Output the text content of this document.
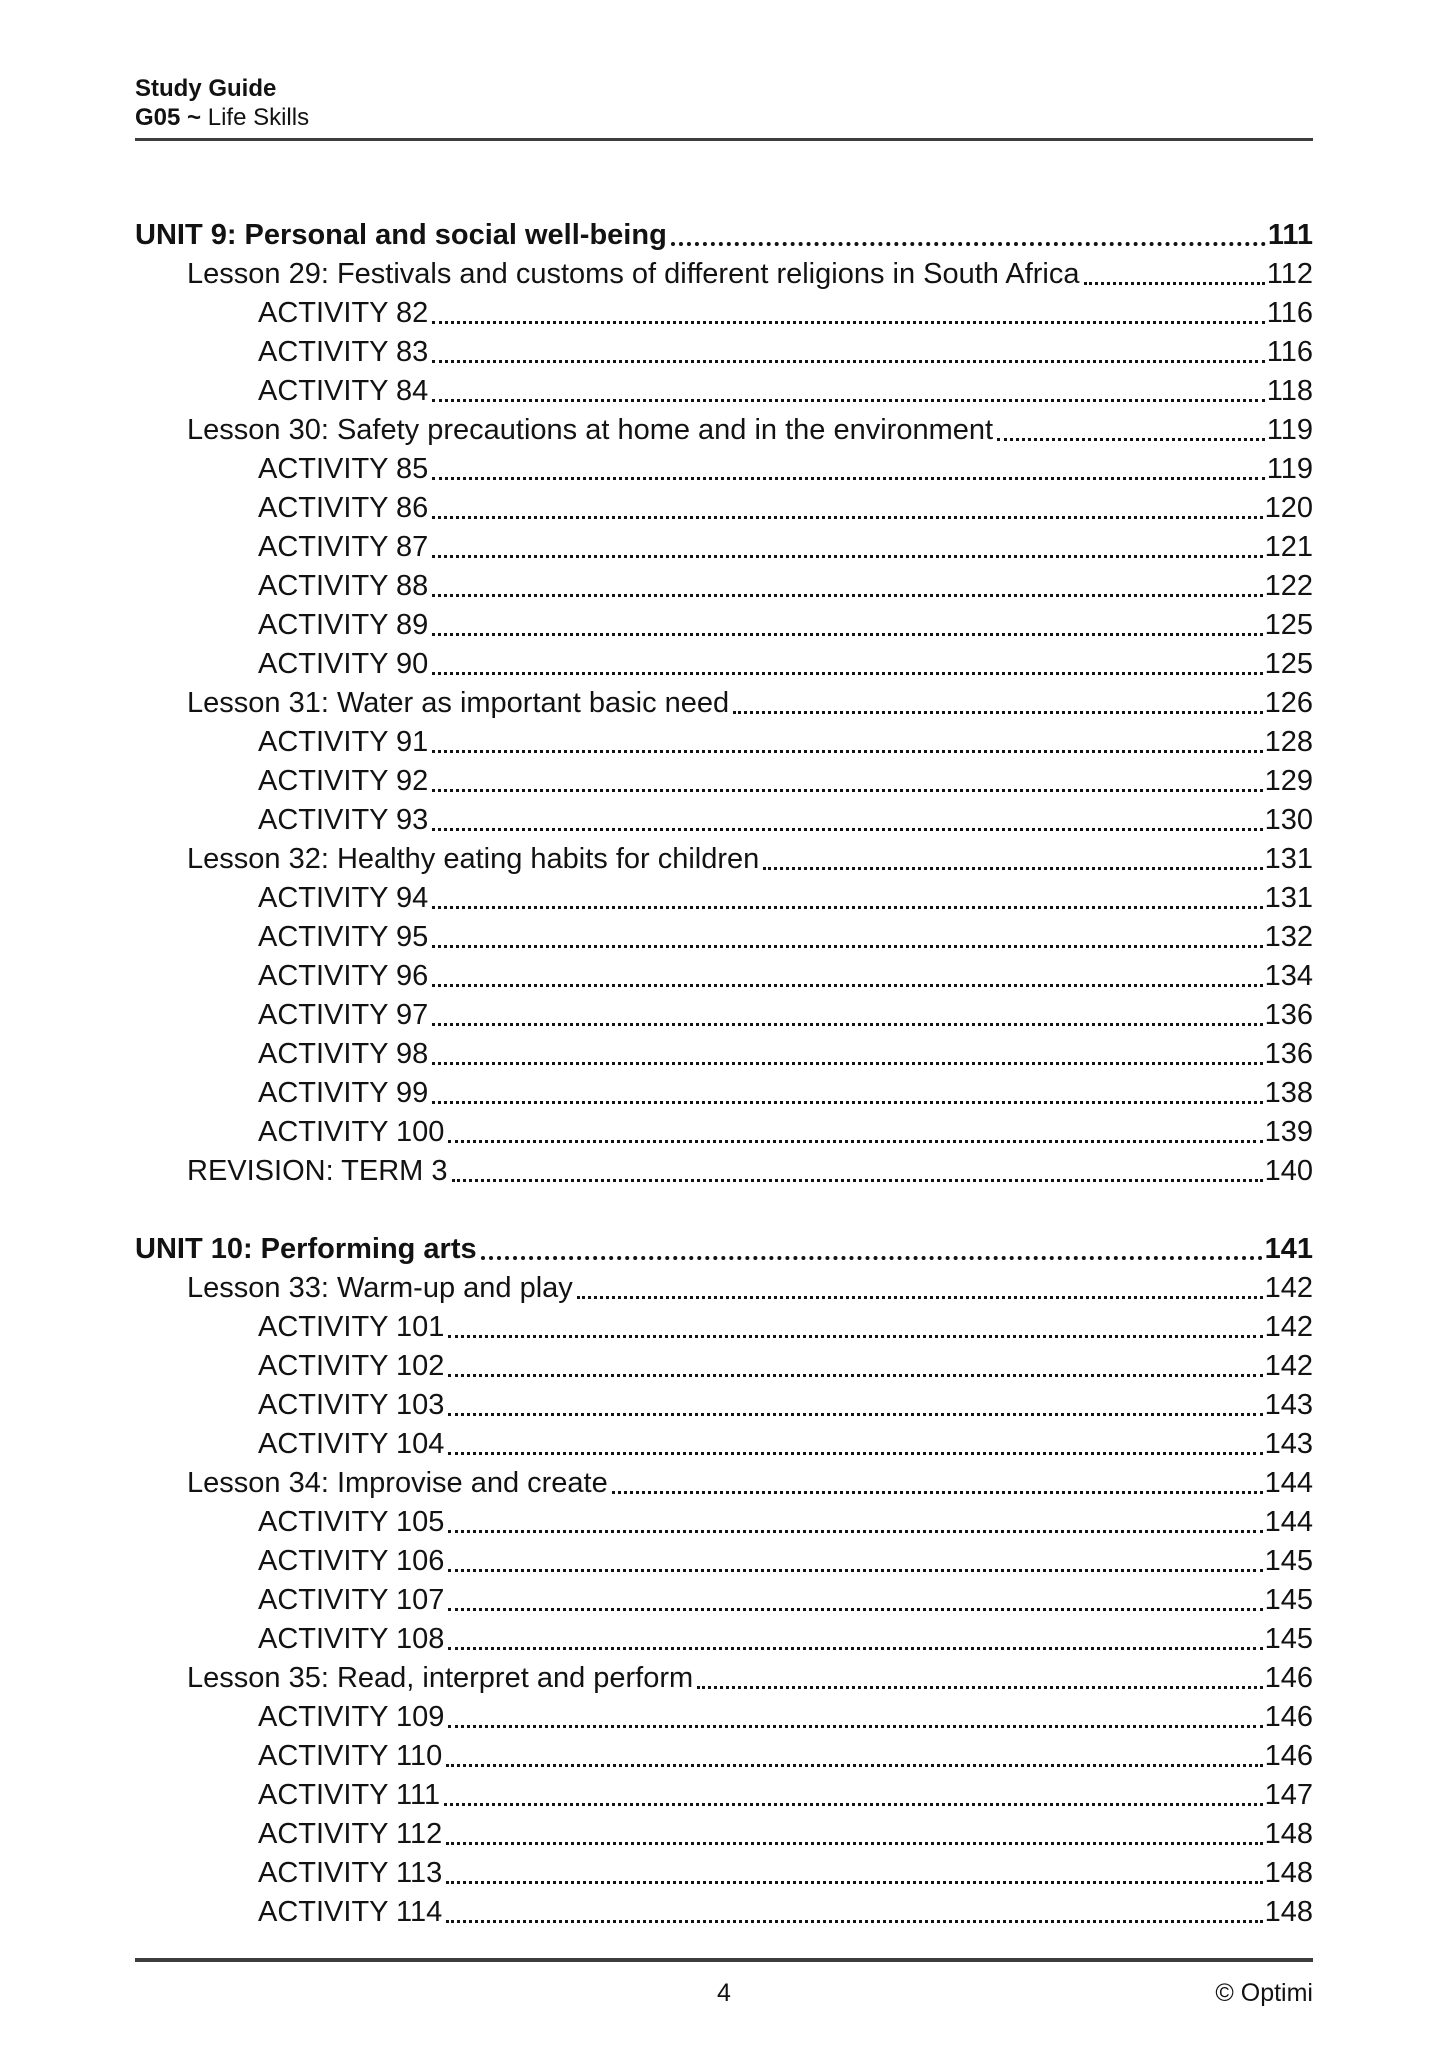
Study Guide
G05 ~ Life Skills
UNIT 9: Personal and social well-being	111
Lesson 29: Festivals and customs of different religions in South Africa	112
ACTIVITY 82	116
ACTIVITY 83	116
ACTIVITY 84	118
Lesson 30: Safety precautions at home and in the environment	119
ACTIVITY 85	119
ACTIVITY 86	120
ACTIVITY 87	121
ACTIVITY 88	122
ACTIVITY 89	125
ACTIVITY 90	125
Lesson 31: Water as important basic need	126
ACTIVITY 91	128
ACTIVITY 92	129
ACTIVITY 93	130
Lesson 32: Healthy eating habits for children	131
ACTIVITY 94	131
ACTIVITY 95	132
ACTIVITY 96	134
ACTIVITY 97	136
ACTIVITY 98	136
ACTIVITY 99	138
ACTIVITY 100	139
REVISION: TERM 3	140
UNIT 10: Performing arts	141
Lesson 33: Warm-up and play	142
ACTIVITY 101	142
ACTIVITY 102	142
ACTIVITY 103	143
ACTIVITY 104	143
Lesson 34: Improvise and create	144
ACTIVITY 105	144
ACTIVITY 106	145
ACTIVITY 107	145
ACTIVITY 108	145
Lesson 35: Read, interpret and perform	146
ACTIVITY 109	146
ACTIVITY 110	146
ACTIVITY 111	147
ACTIVITY 112	148
ACTIVITY 113	148
ACTIVITY 114	148
4	© Optimi
